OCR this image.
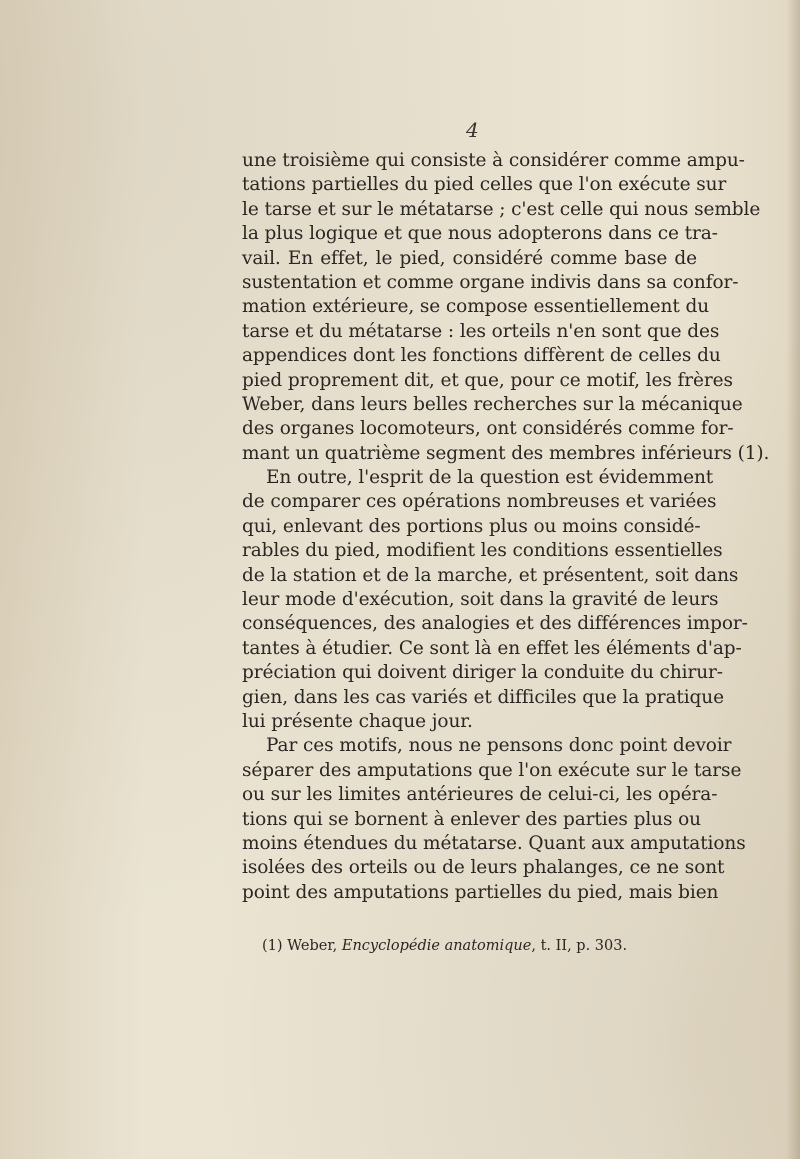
4
une troisième qui consiste à considérer comme ampu-
tations partielles du pied celles que l'on exécute sur
le tarse et sur le métatarse ; c'est celle qui nous semble
la plus logique et que nous adopterons dans ce tra-
vail. En effet, le pied, considéré comme base de
sustentation et comme organe indivis dans sa confor-
mation extérieure, se compose essentiellement du
tarse et du métatarse : les orteils n'en sont que des
appendices dont les fonctions diffèrent de celles du
pied proprement dit, et que, pour ce motif, les frères
Weber, dans leurs belles recherches sur la mécanique
des organes locomoteurs, ont considérés comme for-
mant un quatrième segment des membres inférieurs (1).
En outre, l'esprit de la question est évidemment
de comparer ces opérations nombreuses et variées
qui, enlevant des portions plus ou moins considé-
rables du pied, modifient les conditions essentielles
de la station et de la marche, et présentent, soit dans
leur mode d'exécution, soit dans la gravité de leurs
conséquences, des analogies et des différences impor-
tantes à étudier. Ce sont là en effet les éléments d'ap-
préciation qui doivent diriger la conduite du chirur-
gien, dans les cas variés et difficiles que la pratique
lui présente chaque jour.
Par ces motifs, nous ne pensons donc point devoir
séparer des amputations que l'on exécute sur le tarse
ou sur les limites antérieures de celui-ci, les opéra-
tions qui se bornent à enlever des parties plus ou
moins étendues du métatarse. Quant aux amputations
isolées des orteils ou de leurs phalanges, ce ne sont
point des amputations partielles du pied, mais bien
(1) Weber, Encyclopédie anatomique, t. II, p. 303.
